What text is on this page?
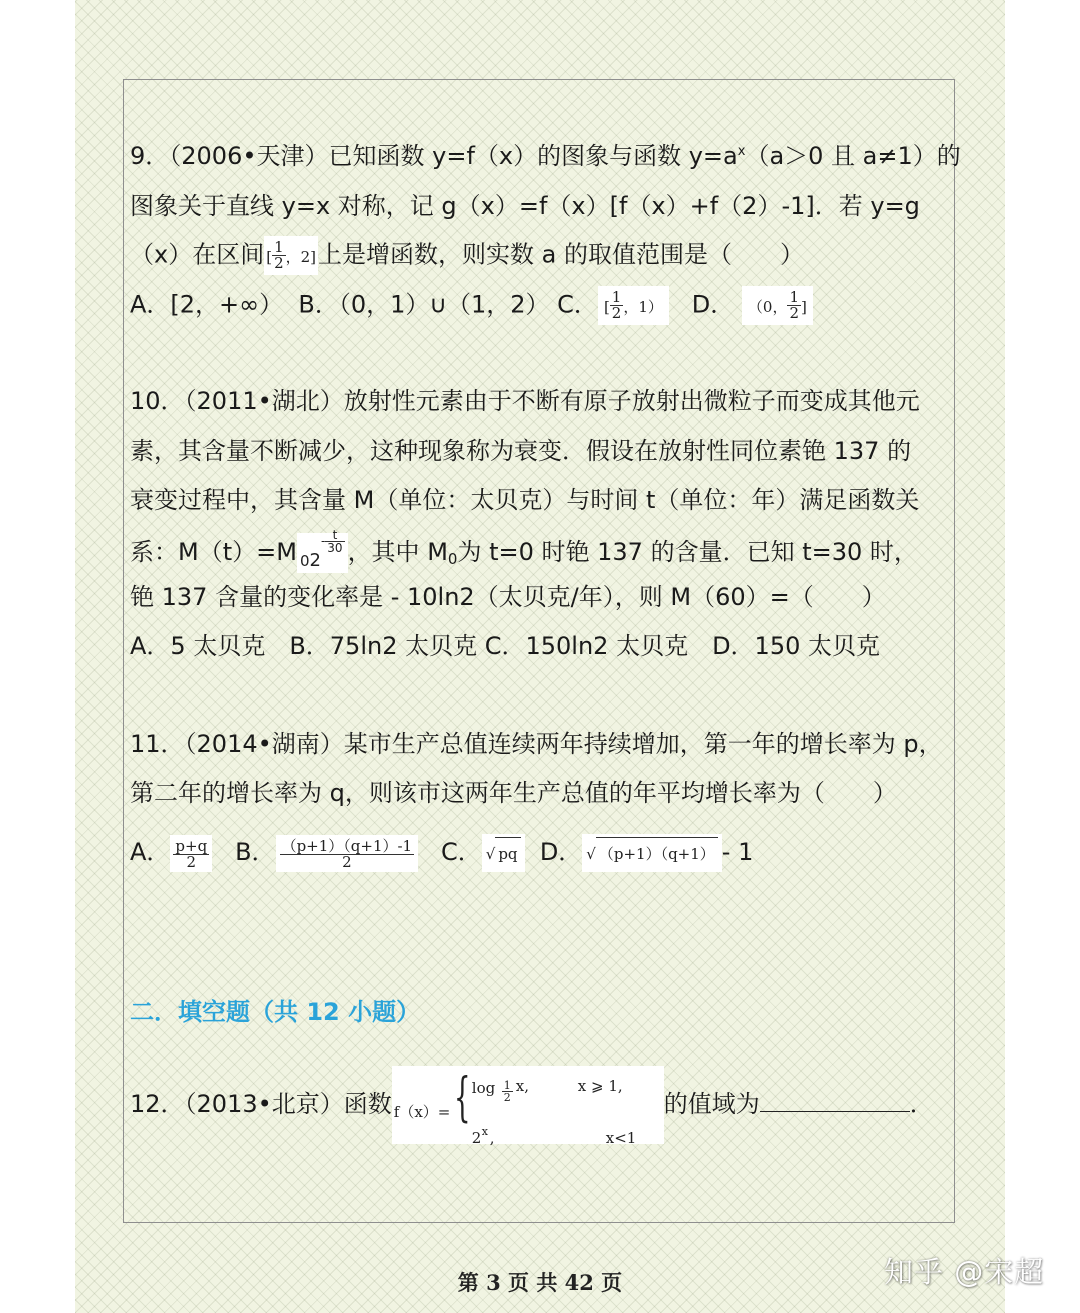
9．（2006•天津）已知函数 y=f（x）的图象与函数 $y=a^x(a>0$ 且 a≠1）的
图象关于直线 y=x 对称，记 g（x）=f（x）[f（x）+f（2）-1]．若 y=g
（x）在区间 [ $\frac{1}{2}$ ，2]上是增函数，则实数 a 的取值范围是（　　）
A．[2，+∞） B．（0，1）∪（1，2） C． [ $\frac{1}{2}$ ，1） D． （0， $\frac{1}{2}$ ]
10．（2011•湖北）放射性元素由于不断有原子放射出微粒子而变成其他元
素，其含量不断减少，这种现象称为衰变．假设在放射性同位素铯 137 的
衰变过程中，其含量 M（单位：太贝克）与时间 t（单位：年）满足函数关
系：M（t）=M $_02^{- \frac{t}{30}}$ ，其中 $M_0$为 t=0 时铯 137 的含量．已知 t=30 时，
铯 137 含量的变化率是 - 10ln2（太贝克/年），则 M（60）=（　　）
A．5 太贝克　B．75ln2 太贝克 C．150ln2 太贝克　D．150 太贝克
11．（2014•湖南）某市生产总值连续两年持续增加，第一年的增长率为 p，
第二年的增长率为 q，则该市这两年生产总值的年平均增长率为（　　）
A． $\frac{p+q}{2}$ B． $\frac{(p+1)(q+1)-1}{2}$ C． √ pq D． √ （p+1）（q+1） - 1
二．填空题（共 12 小题）
12．（2013•北京）函数 f（x）= { $\log \frac{1}{2} x$,	x ⩾ 1,
2 x ,	x<1
的值域为	．
第 3 页 共 42 页	知乎 @宋超
